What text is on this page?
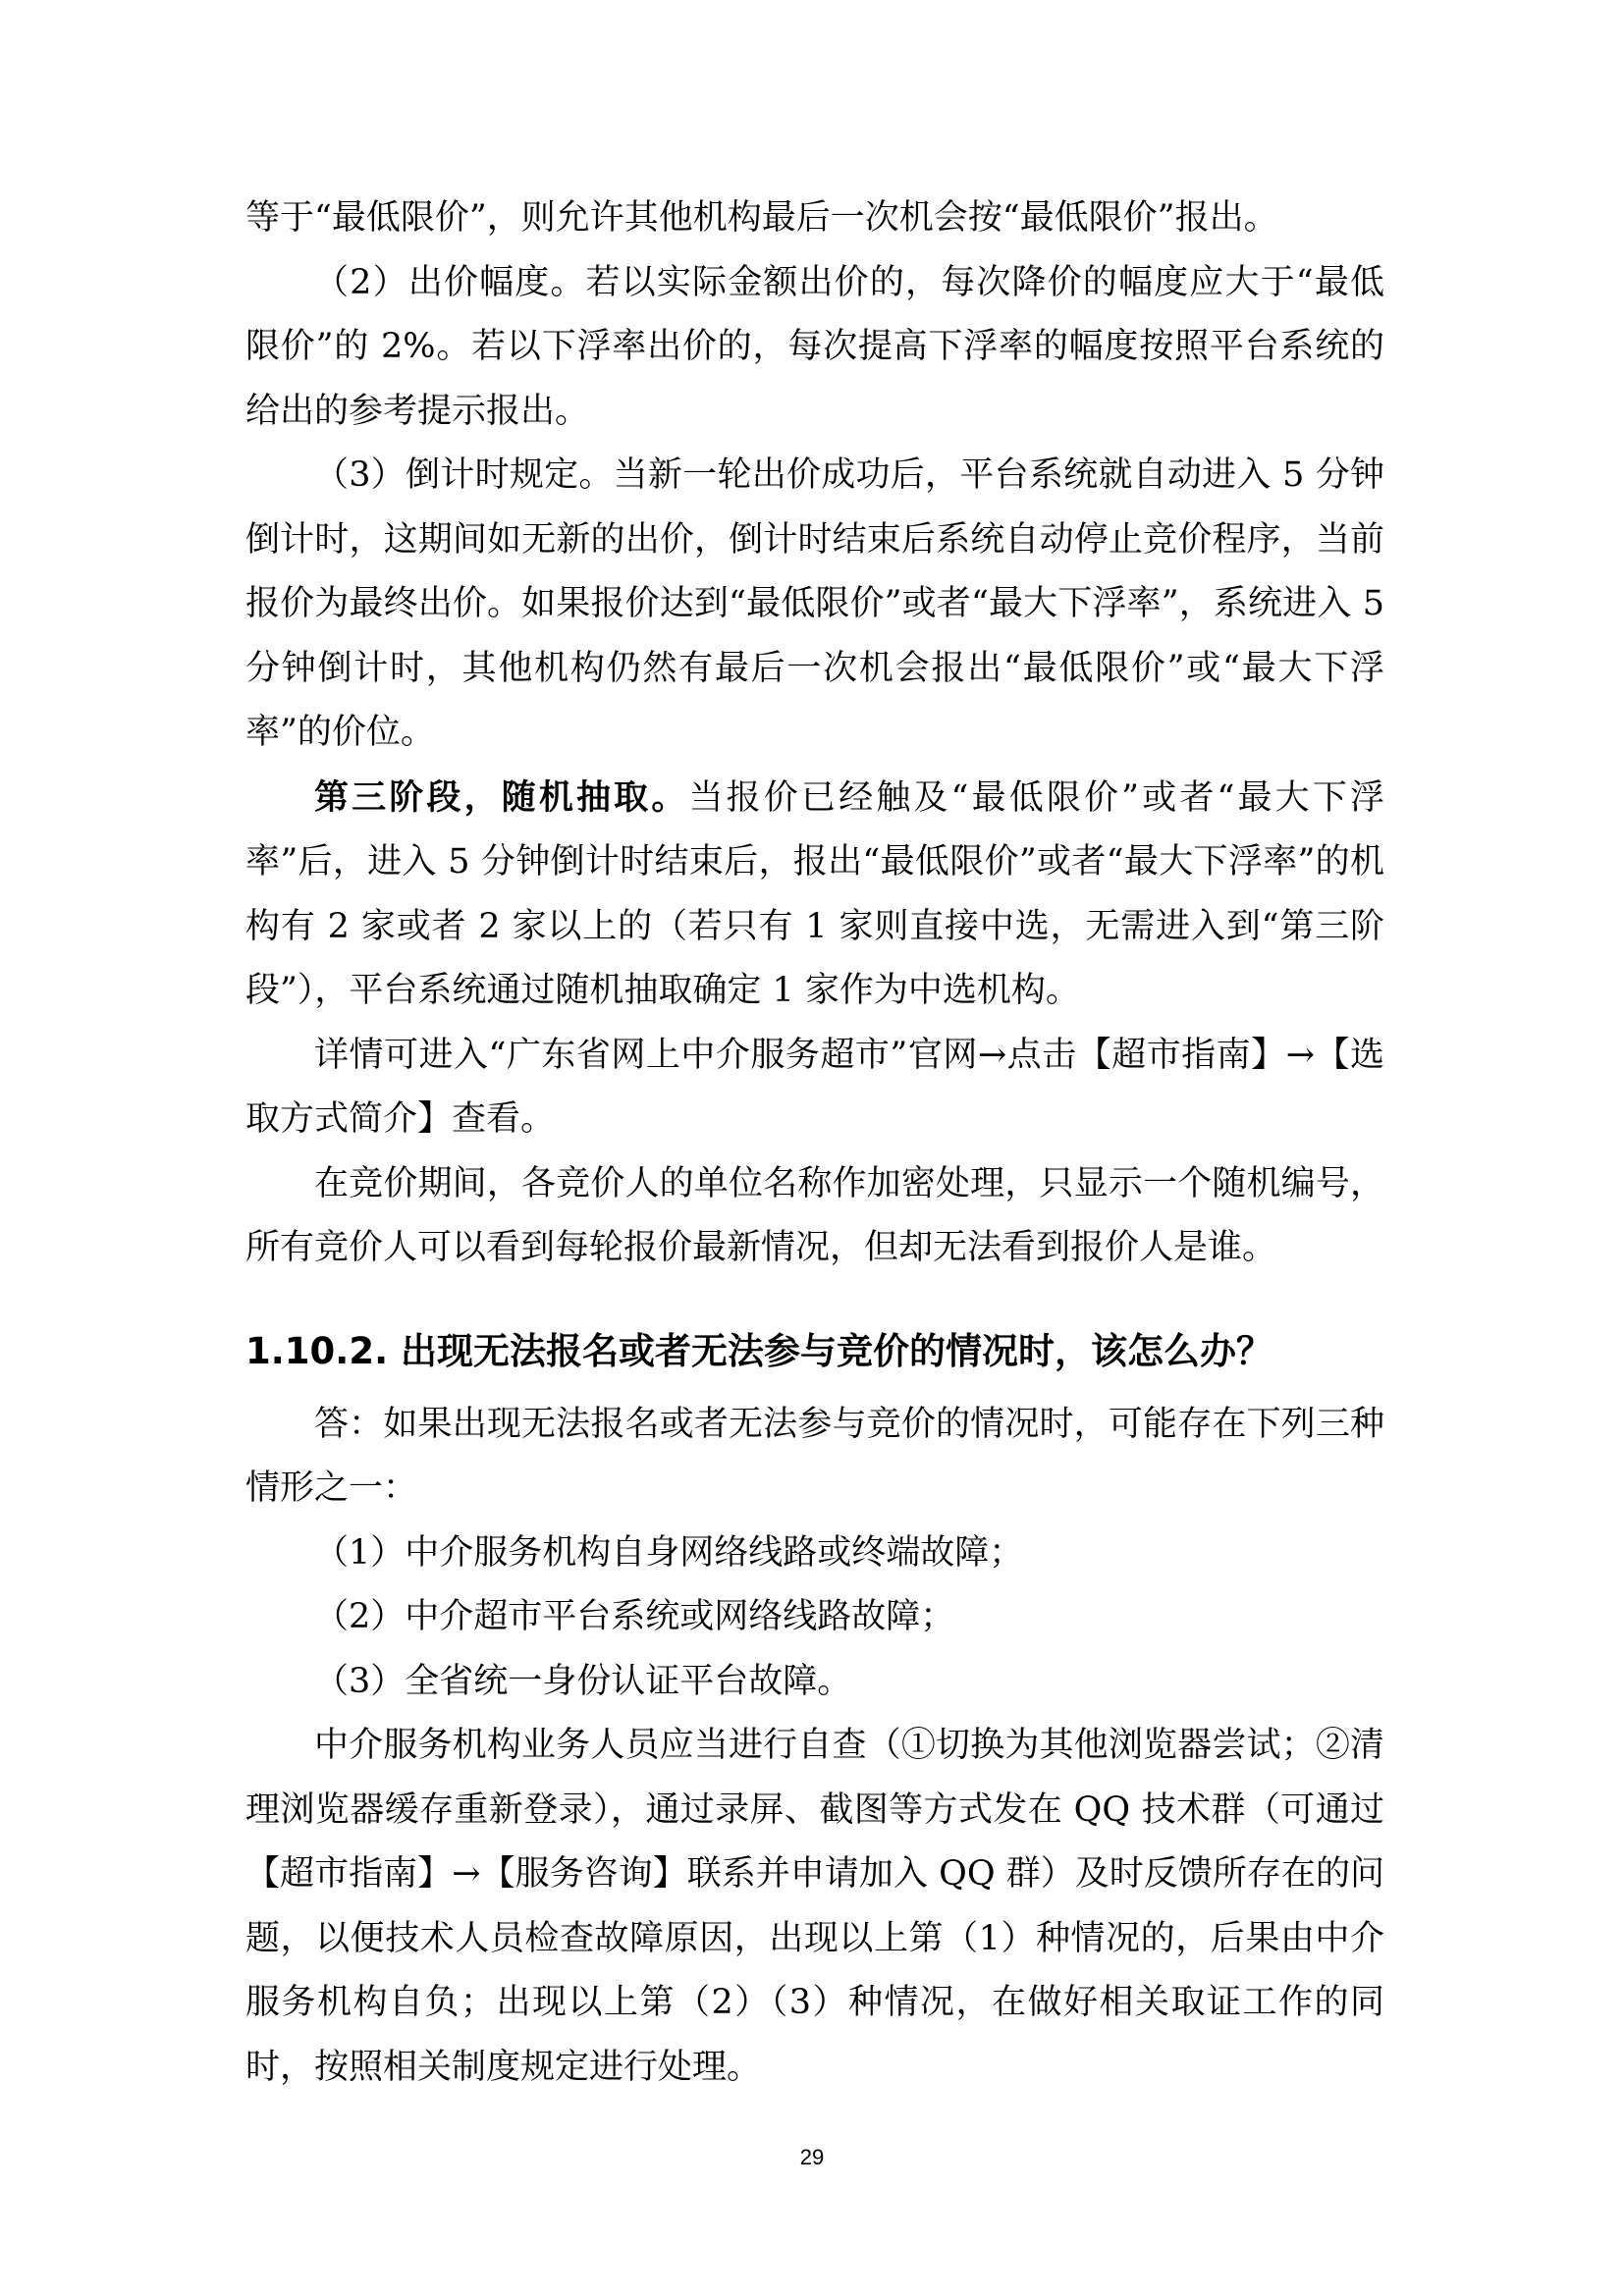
等于“最低限价”，则允许其他机构最后一次机会按“最低限价”报出。

（2）出价幅度。若以实际金额出价的，每次降价的幅度应大于“最低限价”的 2%。若以下浮率出价的，每次提高下浮率的幅度按照平台系统的给出的参考提示报出。

（3）倒计时规定。当新一轮出价成功后，平台系统就自动进入 5 分钟倒计时，这期间如无新的出价，倒计时结束后系统自动停止竞价程序，当前报价为最终出价。如果报价达到“最低限价”或者“最大下浮率”，系统进入 5 分钟倒计时，其他机构仍然有最后一次机会报出“最低限价”或“最大下浮率”的价位。

第三阶段，随机抽取。当报价已经触及“最低限价”或者“最大下浮率”后，进入 5 分钟倒计时结束后，报出“最低限价”或者“最大下浮率”的机构有 2 家或者 2 家以上的（若只有 1 家则直接中选，无需进入到“第三阶段”），平台系统通过随机抽取确定 1 家作为中选机构。

详情可进入“广东省网上中介服务超市”官网→点击【超市指南】→【选取方式简介】查看。

在竞价期间，各竞价人的单位名称作加密处理，只显示一个随机编号，所有竞价人可以看到每轮报价最新情况，但却无法看到报价人是谁。

1.10.2. 出现无法报名或者无法参与竞价的情况时，该怎么办？

答：如果出现无法报名或者无法参与竞价的情况时，可能存在下列三种情形之一：

（1）中介服务机构自身网络线路或终端故障；

（2）中介超市平台系统或网络线路故障；

（3）全省统一身份认证平台故障。

中介服务机构业务人员应当进行自查（①切换为其他浏览器尝试；②清理浏览器缓存重新登录），通过录屏、截图等方式发在 QQ 技术群（可通过【超市指南】→【服务咨询】联系并申请加入 QQ 群）及时反馈所存在的问题，以便技术人员检查故障原因，出现以上第（1）种情况的，后果由中介服务机构自负；出现以上第（2）（3）种情况，在做好相关取证工作的同时，按照相关制度规定进行处理。

29
